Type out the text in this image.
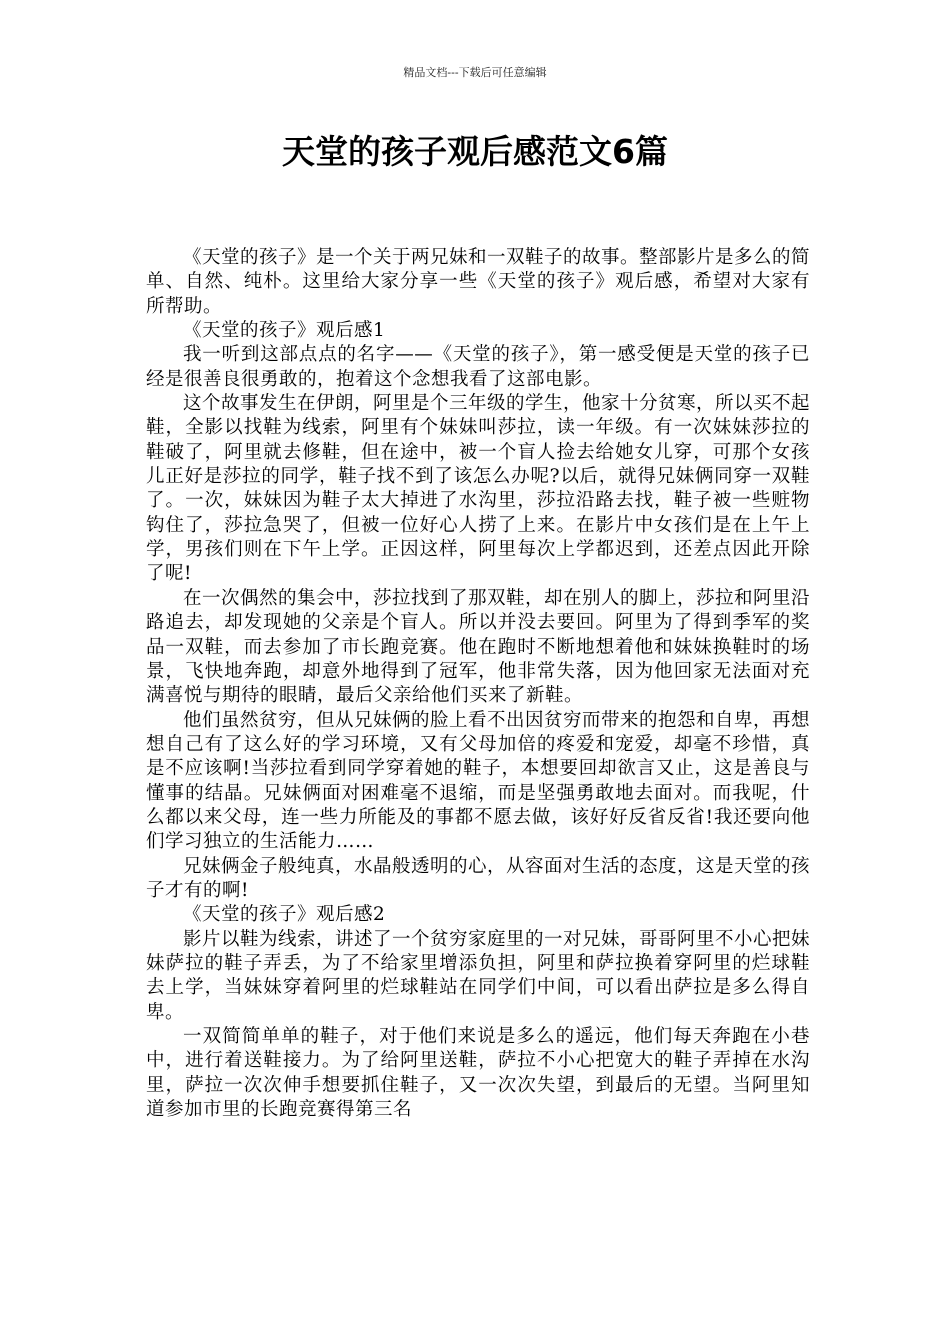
精品文档---下载后可任意编辑
天堂的孩子观后感范文6篇

《天堂的孩子》是一个关于两兄妹和一双鞋子的故事。整部影片是多么的简单、自然、纯朴。这里给大家分享一些《天堂的孩子》观后感，希望对大家有所帮助。

《天堂的孩子》观后感1

我一听到这部点点的名字——《天堂的孩子》，第一感受便是天堂的孩子已经是很善良很勇敢的，抱着这个念想我看了这部电影。

这个故事发生在伊朗，阿里是个三年级的学生，他家十分贫寒，所以买不起鞋，全影以找鞋为线索，阿里有个妹妹叫莎拉，读一年级。有一次妹妹莎拉的鞋破了，阿里就去修鞋，但在途中，被一个盲人捡去给她女儿穿，可那个女孩儿正好是莎拉的同学，鞋子找不到了该怎么办呢?以后，就得兄妹俩同穿一双鞋了。一次，妹妹因为鞋子太大掉进了水沟里，莎拉沿路去找，鞋子被一些赃物钩住了，莎拉急哭了，但被一位好心人捞了上来。在影片中女孩们是在上午上学，男孩们则在下午上学。正因这样，阿里每次上学都迟到，还差点因此开除了呢!

在一次偶然的集会中，莎拉找到了那双鞋，却在别人的脚上，莎拉和阿里沿路追去，却发现她的父亲是个盲人。所以并没去要回。阿里为了得到季军的奖品一双鞋，而去参加了市长跑竞赛。他在跑时不断地想着他和妹妹换鞋时的场景，飞快地奔跑，却意外地得到了冠军，他非常失落，因为他回家无法面对充满喜悦与期待的眼睛，最后父亲给他们买来了新鞋。

他们虽然贫穷，但从兄妹俩的脸上看不出因贫穷而带来的抱怨和自卑，再想想自己有了这么好的学习环境，又有父母加倍的疼爱和宠爱，却毫不珍惜，真是不应该啊!当莎拉看到同学穿着她的鞋子，本想要回却欲言又止，这是善良与懂事的结晶。兄妹俩面对困难毫不退缩，而是坚强勇敢地去面对。而我呢，什么都以来父母，连一些力所能及的事都不愿去做，该好好反省反省!我还要向他们学习独立的生活能力……

兄妹俩金子般纯真，水晶般透明的心，从容面对生活的态度，这是天堂的孩子才有的啊!

《天堂的孩子》观后感2

影片以鞋为线索，讲述了一个贫穷家庭里的一对兄妹，哥哥阿里不小心把妹妹萨拉的鞋子弄丢，为了不给家里增添负担，阿里和萨拉换着穿阿里的烂球鞋去上学，当妹妹穿着阿里的烂球鞋站在同学们中间，可以看出萨拉是多么得自卑。

一双简简单单的鞋子，对于他们来说是多么的遥远，他们每天奔跑在小巷中，进行着送鞋接力。为了给阿里送鞋，萨拉不小心把宽大的鞋子弄掉在水沟里，萨拉一次次伸手想要抓住鞋子，又一次次失望，到最后的无望。当阿里知道参加市里的长跑竞赛得第三名
